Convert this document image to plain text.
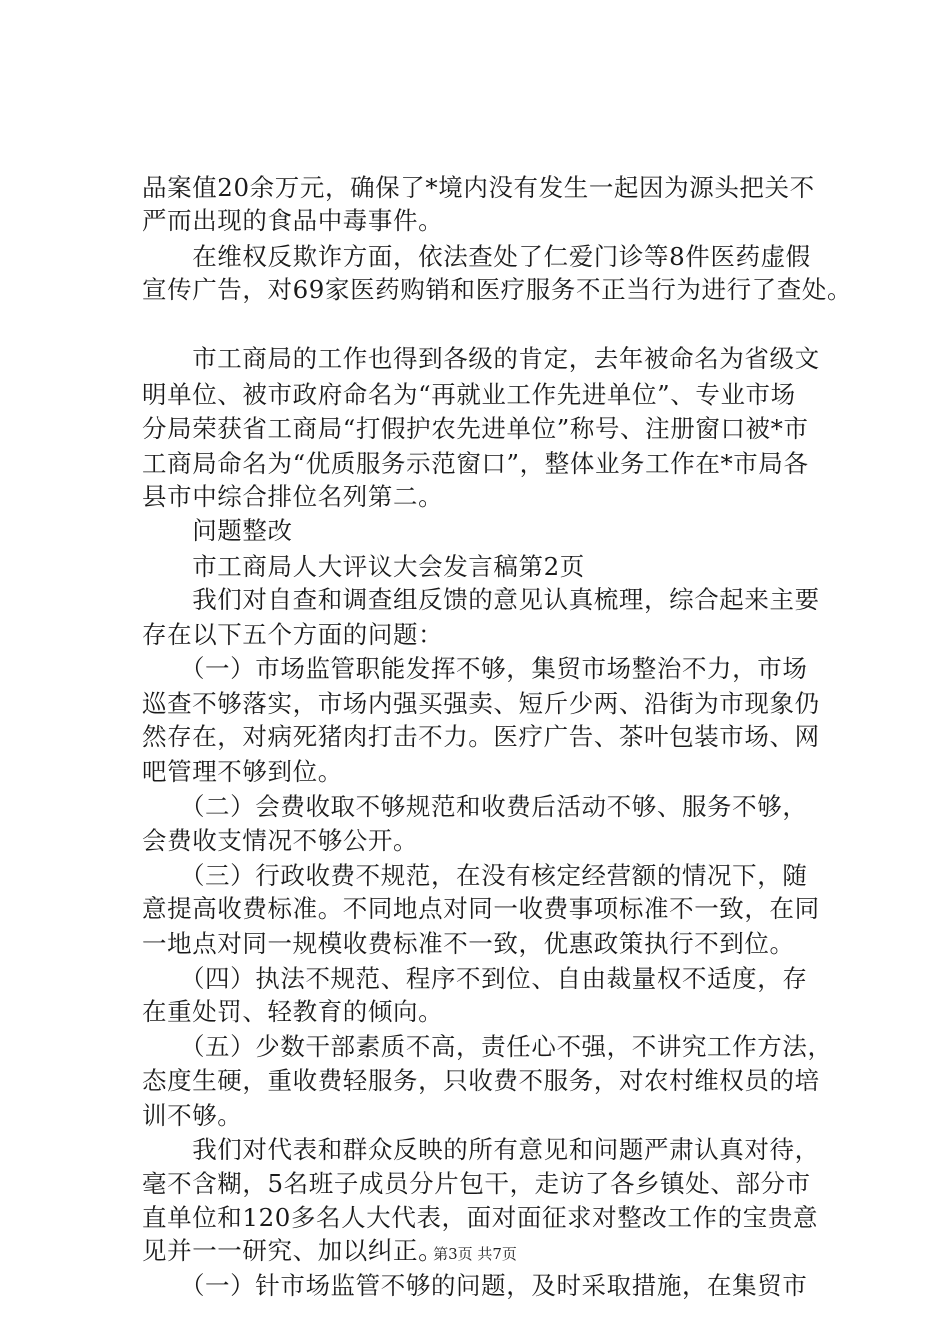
品案值20余万元，确保了*境内没有发生一起因为源头把关不
严而出现的食品中毒事件。
　　在维权反欺诈方面，依法查处了仁爱门诊等8件医药虚假
宣传广告，对69家医药购销和医疗服务不正当行为进行了查处。
　　市工商局的工作也得到各级的肯定，去年被命名为省级文
明单位、被市政府命名为“再就业工作先进单位”、专业市场
分局荣获省工商局“打假护农先进单位”称号、注册窗口被*市
工商局命名为“优质服务示范窗口”，整体业务工作在*市局各
县市中综合排位名列第二。
　　问题整改
　　市工商局人大评议大会发言稿第2页
　　我们对自查和调查组反馈的意见认真梳理，综合起来主要
存在以下五个方面的问题：
　　（一）市场监管职能发挥不够，集贸市场整治不力，市场
巡查不够落实，市场内强买强卖、短斤少两、沿街为市现象仍
然存在，对病死猪肉打击不力。医疗广告、茶叶包装市场、网
吧管理不够到位。
　　（二）会费收取不够规范和收费后活动不够、服务不够，
会费收支情况不够公开。
　　（三）行政收费不规范，在没有核定经营额的情况下，随
意提高收费标准。不同地点对同一收费事项标准不一致，在同
一地点对同一规模收费标准不一致，优惠政策执行不到位。
　　（四）执法不规范、程序不到位、自由裁量权不适度，存
在重处罚、轻教育的倾向。
　　（五）少数干部素质不高，责任心不强，不讲究工作方法，
态度生硬，重收费轻服务，只收费不服务，对农村维权员的培
训不够。
　　我们对代表和群众反映的所有意见和问题严肃认真对待，
毫不含糊，5名班子成员分片包干，走访了各乡镇处、部分市
直单位和120多名人大代表，面对面征求对整改工作的宝贵意
见并一一研究、加以纠正。
　　（一）针市场监管不够的问题，及时采取措施，在集贸市
第3页 共7页
